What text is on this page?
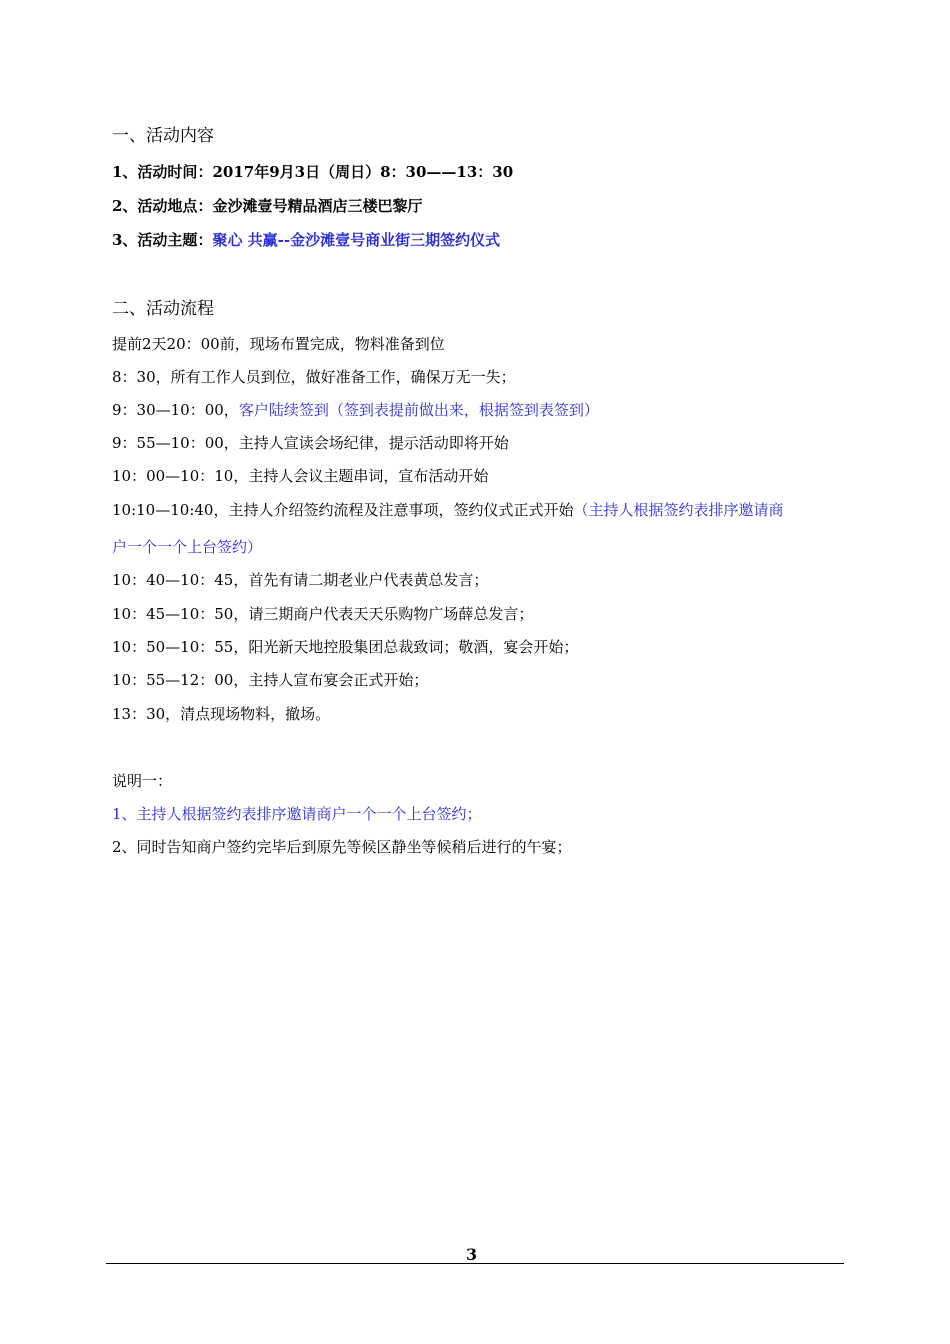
一、活动内容
1、活动时间：2017年9月3日（周日）8：30——13：30
2、活动地点：金沙滩壹号精品酒店三楼巴黎厅
3、活动主题：聚心 共赢--金沙滩壹号商业街三期签约仪式
二、活动流程
提前2天20：00前，现场布置完成，物料准备到位
8：30，所有工作人员到位，做好准备工作，确保万无一失；
9：30—10：00，客户陆续签到（签到表提前做出来，根据签到表签到）
9：55—10：00，主持人宣读会场纪律，提示活动即将开始
10：00—10：10，主持人会议主题串词，宣布活动开始
10:10—10:40，主持人介绍签约流程及注意事项，签约仪式正式开始（主持人根据签约表排序邀请商
户一个一个上台签约）
10：40—10：45，首先有请二期老业户代表黄总发言；
10：45—10：50，请三期商户代表天天乐购物广场薛总发言；
10：50—10：55，阳光新天地控股集团总裁致词；敬酒，宴会开始；
10：55—12：00，主持人宣布宴会正式开始；
13：30，清点现场物料，撤场。
说明一：
1、主持人根据签约表排序邀请商户一个一个上台签约；
2、同时告知商户签约完毕后到原先等候区静坐等候稍后进行的午宴；
3
